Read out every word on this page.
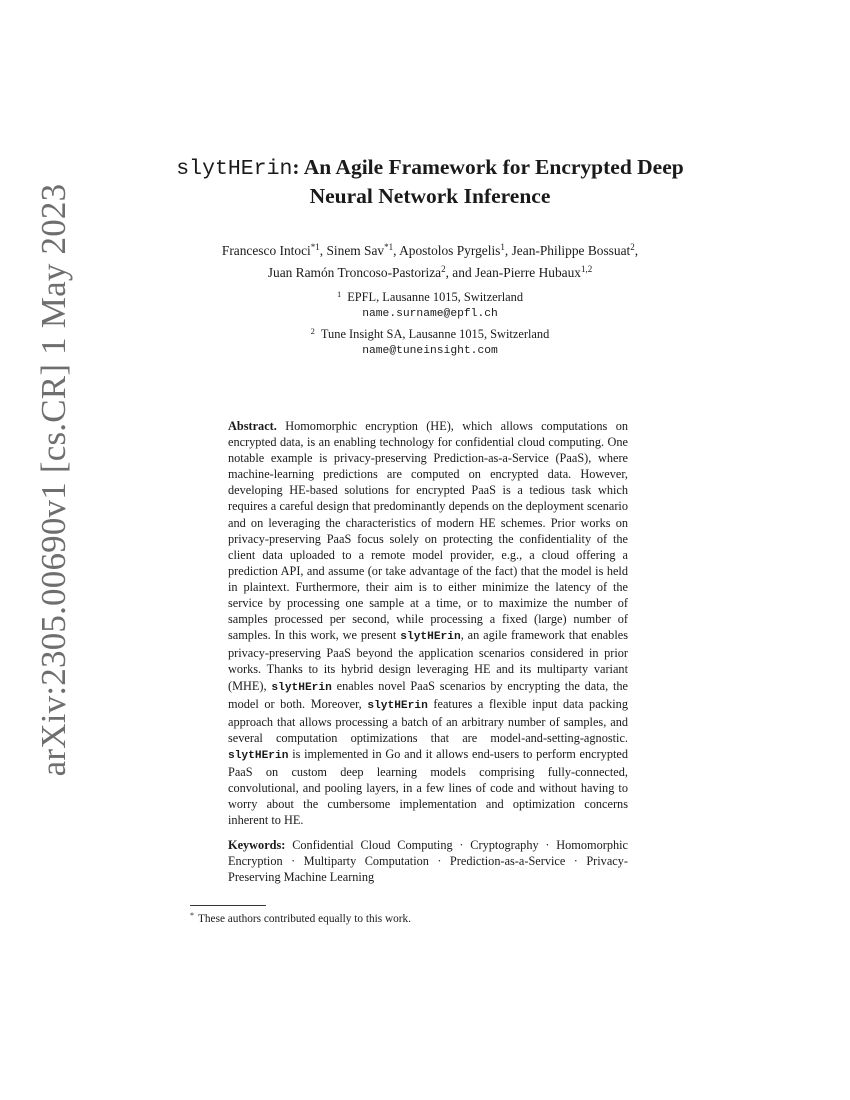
arXiv:2305.00690v1 [cs.CR] 1 May 2023
slytHErin: An Agile Framework for Encrypted Deep Neural Network Inference
Francesco Intoci$^{*1}$, Sinem Sav$^{*1}$, Apostolos Pyrgelis$^1$, Jean-Philippe Bossuat$^2$,
Juan Ramón Troncoso-Pastoriza$^2$, and Jean-Pierre Hubaux$^{1,2}$
$^1$ EPFL, Lausanne 1015, Switzerland
name.surname@epfl.ch
$^2$ Tune Insight SA, Lausanne 1015, Switzerland
name@tuneinsight.com
Abstract. Homomorphic encryption (HE), which allows computations on encrypted data, is an enabling technology for confidential cloud computing. One notable example is privacy-preserving Prediction-as-a-Service (PaaS), where machine-learning predictions are computed on encrypted data. However, developing HE-based solutions for encrypted PaaS is a tedious task which requires a careful design that predominantly depends on the deployment scenario and on leveraging the characteristics of modern HE schemes. Prior works on privacy-preserving PaaS focus solely on protecting the confidentiality of the client data uploaded to a remote model provider, e.g., a cloud offering a prediction API, and assume (or take advantage of the fact) that the model is held in plaintext. Furthermore, their aim is to either minimize the latency of the service by processing one sample at a time, or to maximize the number of samples processed per second, while processing a fixed (large) number of samples. In this work, we present slytHErin, an agile framework that enables privacy-preserving PaaS beyond the application scenarios considered in prior works. Thanks to its hybrid design leveraging HE and its multiparty variant (MHE), slytHErin enables novel PaaS scenarios by encrypting the data, the model or both. Moreover, slytHErin features a flexible input data packing approach that allows processing a batch of an arbitrary number of samples, and several computation optimizations that are model-and-setting-agnostic. slytHErin is implemented in Go and it allows end-users to perform encrypted PaaS on custom deep learning models comprising fully-connected, convolutional, and pooling layers, in a few lines of code and without having to worry about the cumbersome implementation and optimization concerns inherent to HE.
Keywords: Confidential Cloud Computing · Cryptography · Homomorphic Encryption · Multiparty Computation · Prediction-as-a-Service · Privacy-Preserving Machine Learning
* These authors contributed equally to this work.
